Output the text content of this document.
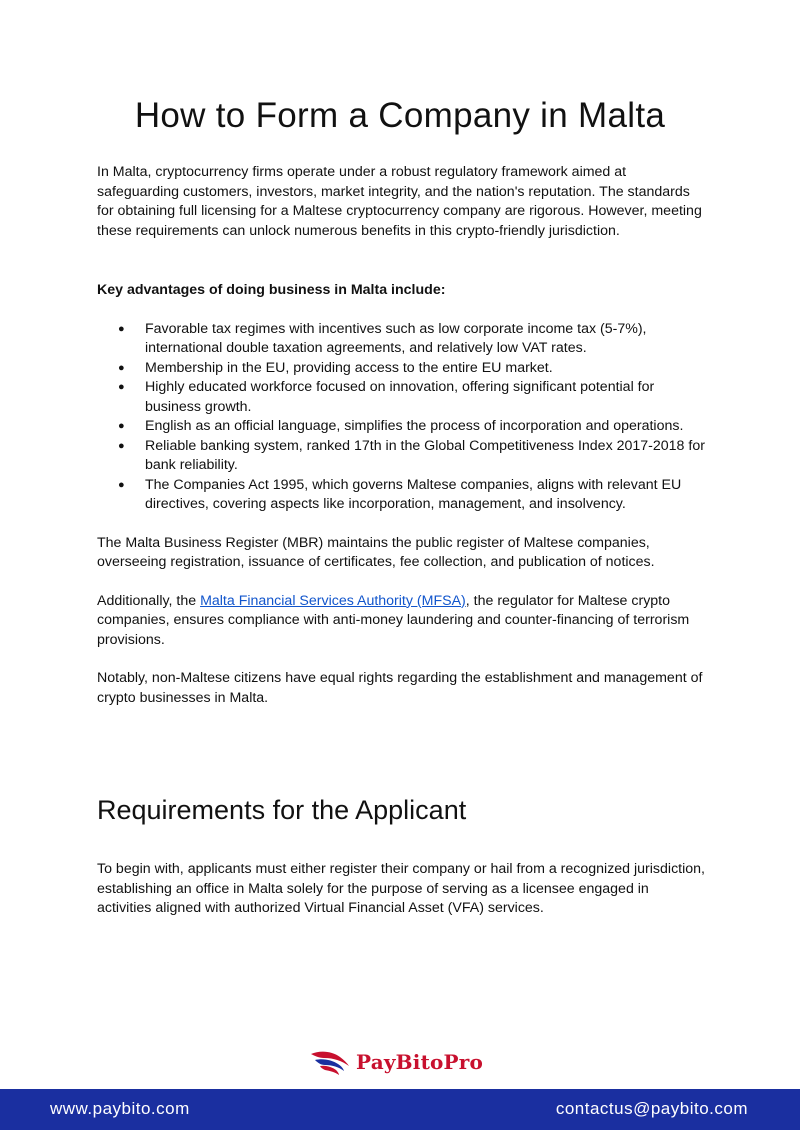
How to Form a Company in Malta

In Malta, cryptocurrency firms operate under a robust regulatory framework aimed at safeguarding customers, investors, market integrity, and the nation's reputation. The standards for obtaining full licensing for a Maltese cryptocurrency company are rigorous. However, meeting these requirements can unlock numerous benefits in this crypto-friendly jurisdiction.

Key advantages of doing business in Malta include:

● Favorable tax regimes with incentives such as low corporate income tax (5-7%), international double taxation agreements, and relatively low VAT rates.
● Membership in the EU, providing access to the entire EU market.
● Highly educated workforce focused on innovation, offering significant potential for business growth.
● English as an official language, simplifies the process of incorporation and operations.
● Reliable banking system, ranked 17th in the Global Competitiveness Index 2017-2018 for bank reliability.
● The Companies Act 1995, which governs Maltese companies, aligns with relevant EU directives, covering aspects like incorporation, management, and insolvency.

The Malta Business Register (MBR) maintains the public register of Maltese companies, overseeing registration, issuance of certificates, fee collection, and publication of notices.

Additionally, the Malta Financial Services Authority (MFSA), the regulator for Maltese crypto companies, ensures compliance with anti-money laundering and counter-financing of terrorism provisions.

Notably, non-Maltese citizens have equal rights regarding the establishment and management of crypto businesses in Malta.

Requirements for the Applicant

To begin with, applicants must either register their company or hail from a recognized jurisdiction, establishing an office in Malta solely for the purpose of serving as a licensee engaged in activities aligned with authorized Virtual Financial Asset (VFA) services.

PayBitoPro
www.paybito.com	contactus@paybito.com
